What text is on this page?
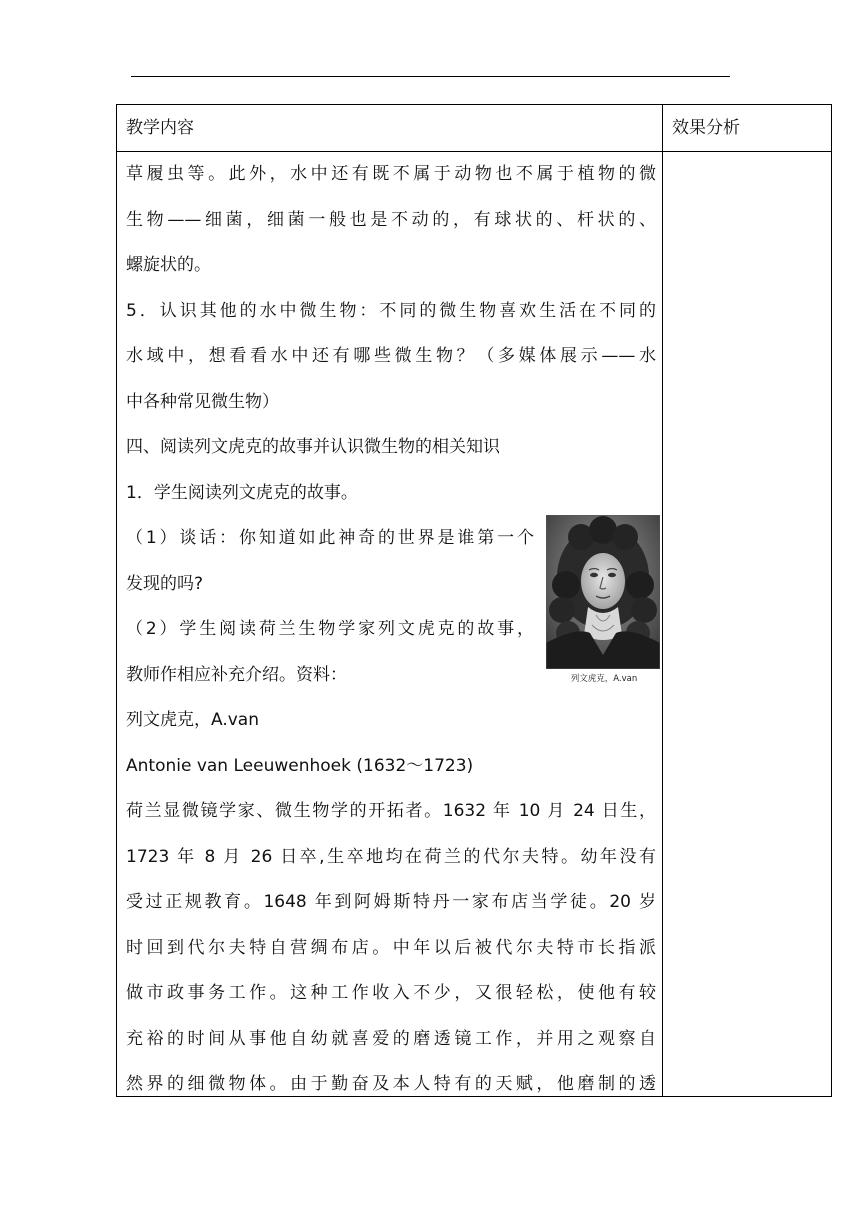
教学内容	效果分析
草履虫等。此外，水中还有既不属于动物也不属于植物的微
生物——细菌，细菌一般也是不动的，有球状的、杆状的、
螺旋状的。
5．认识其他的水中微生物：不同的微生物喜欢生活在不同的
水域中，想看看水中还有哪些微生物？（多媒体展示——水
中各种常见微生物）
四、阅读列文虎克的故事并认识微生物的相关知识
1．学生阅读列文虎克的故事。
（1）谈话：你知道如此神奇的世界是谁第一个
发现的吗?
（2）学生阅读荷兰生物学家列文虎克的故事，
教师作相应补充介绍。资料：
列文虎克，A.van
Antonie van Leeuwenhoek (1632～1723)
荷兰显微镜学家、微生物学的开拓者。1632 年 10 月 24 日生，
1723 年 8 月 26 日卒,生卒地均在荷兰的代尔夫特。幼年没有
受过正规教育。1648 年到阿姆斯特丹一家布店当学徒。20 岁
时回到代尔夫特自营绸布店。中年以后被代尔夫特市长指派
做市政事务工作。这种工作收入不少，又很轻松，使他有较
充裕的时间从事他自幼就喜爱的磨透镜工作，并用之观察自
然界的细微物体。由于勤奋及本人特有的天赋，他磨制的透
列文虎克，A.van
